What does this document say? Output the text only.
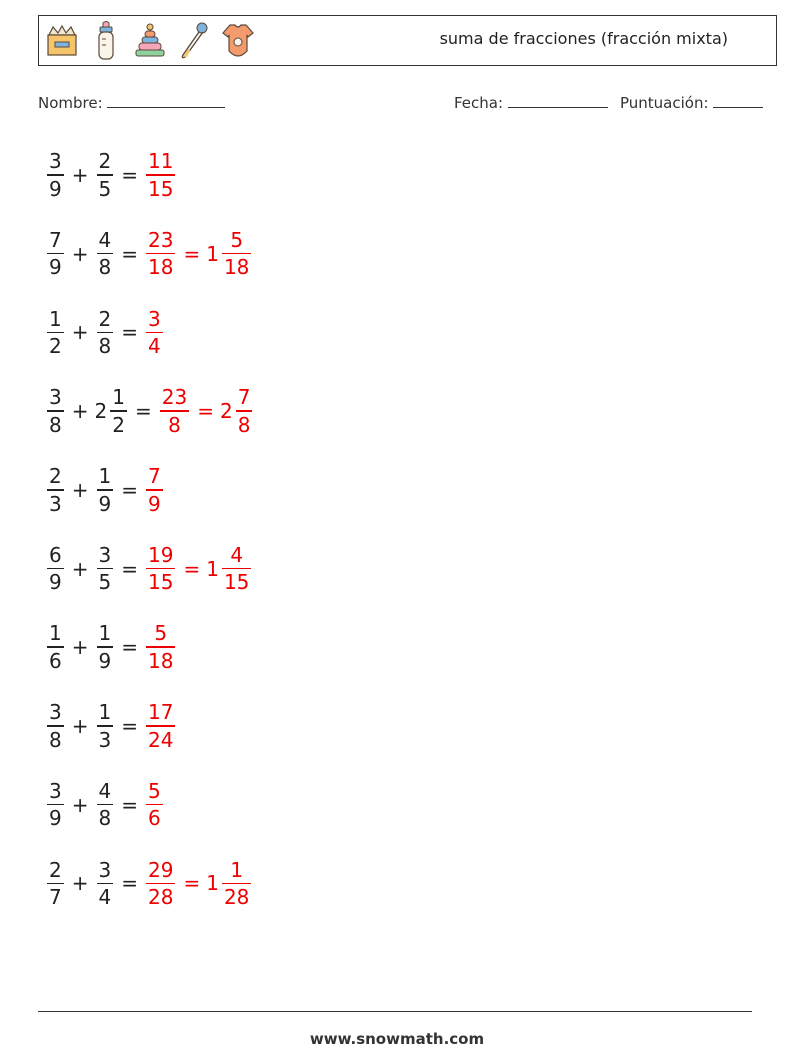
suma de fracciones (fracción mixta)
Nombre:	Fecha:	Puntuación:
$\frac{3}{9} + \frac{2}{5} = \frac{11}{15}$
$\frac{7}{9} + \frac{4}{8} = \frac{23}{18} = 1 \frac{5}{18}$
$\frac{1}{2} + \frac{2}{8} = \frac{3}{4}$
$\frac{3}{8} + 2 \frac{1}{2} = \frac{23}{8} = 2 \frac{7}{8}$
$\frac{2}{3} + \frac{1}{9} = \frac{7}{9}$
$\frac{6}{9} + \frac{3}{5} = \frac{19}{15} = 1 \frac{4}{15}$
$\frac{1}{6} + \frac{1}{9} = \frac{5}{18}$
$\frac{3}{8} + \frac{1}{3} = \frac{17}{24}$
$\frac{3}{9} + \frac{4}{8} = \frac{5}{6}$
$\frac{2}{7} + \frac{3}{4} = \frac{29}{28} = 1 \frac{1}{28}$
www.snowmath.com
